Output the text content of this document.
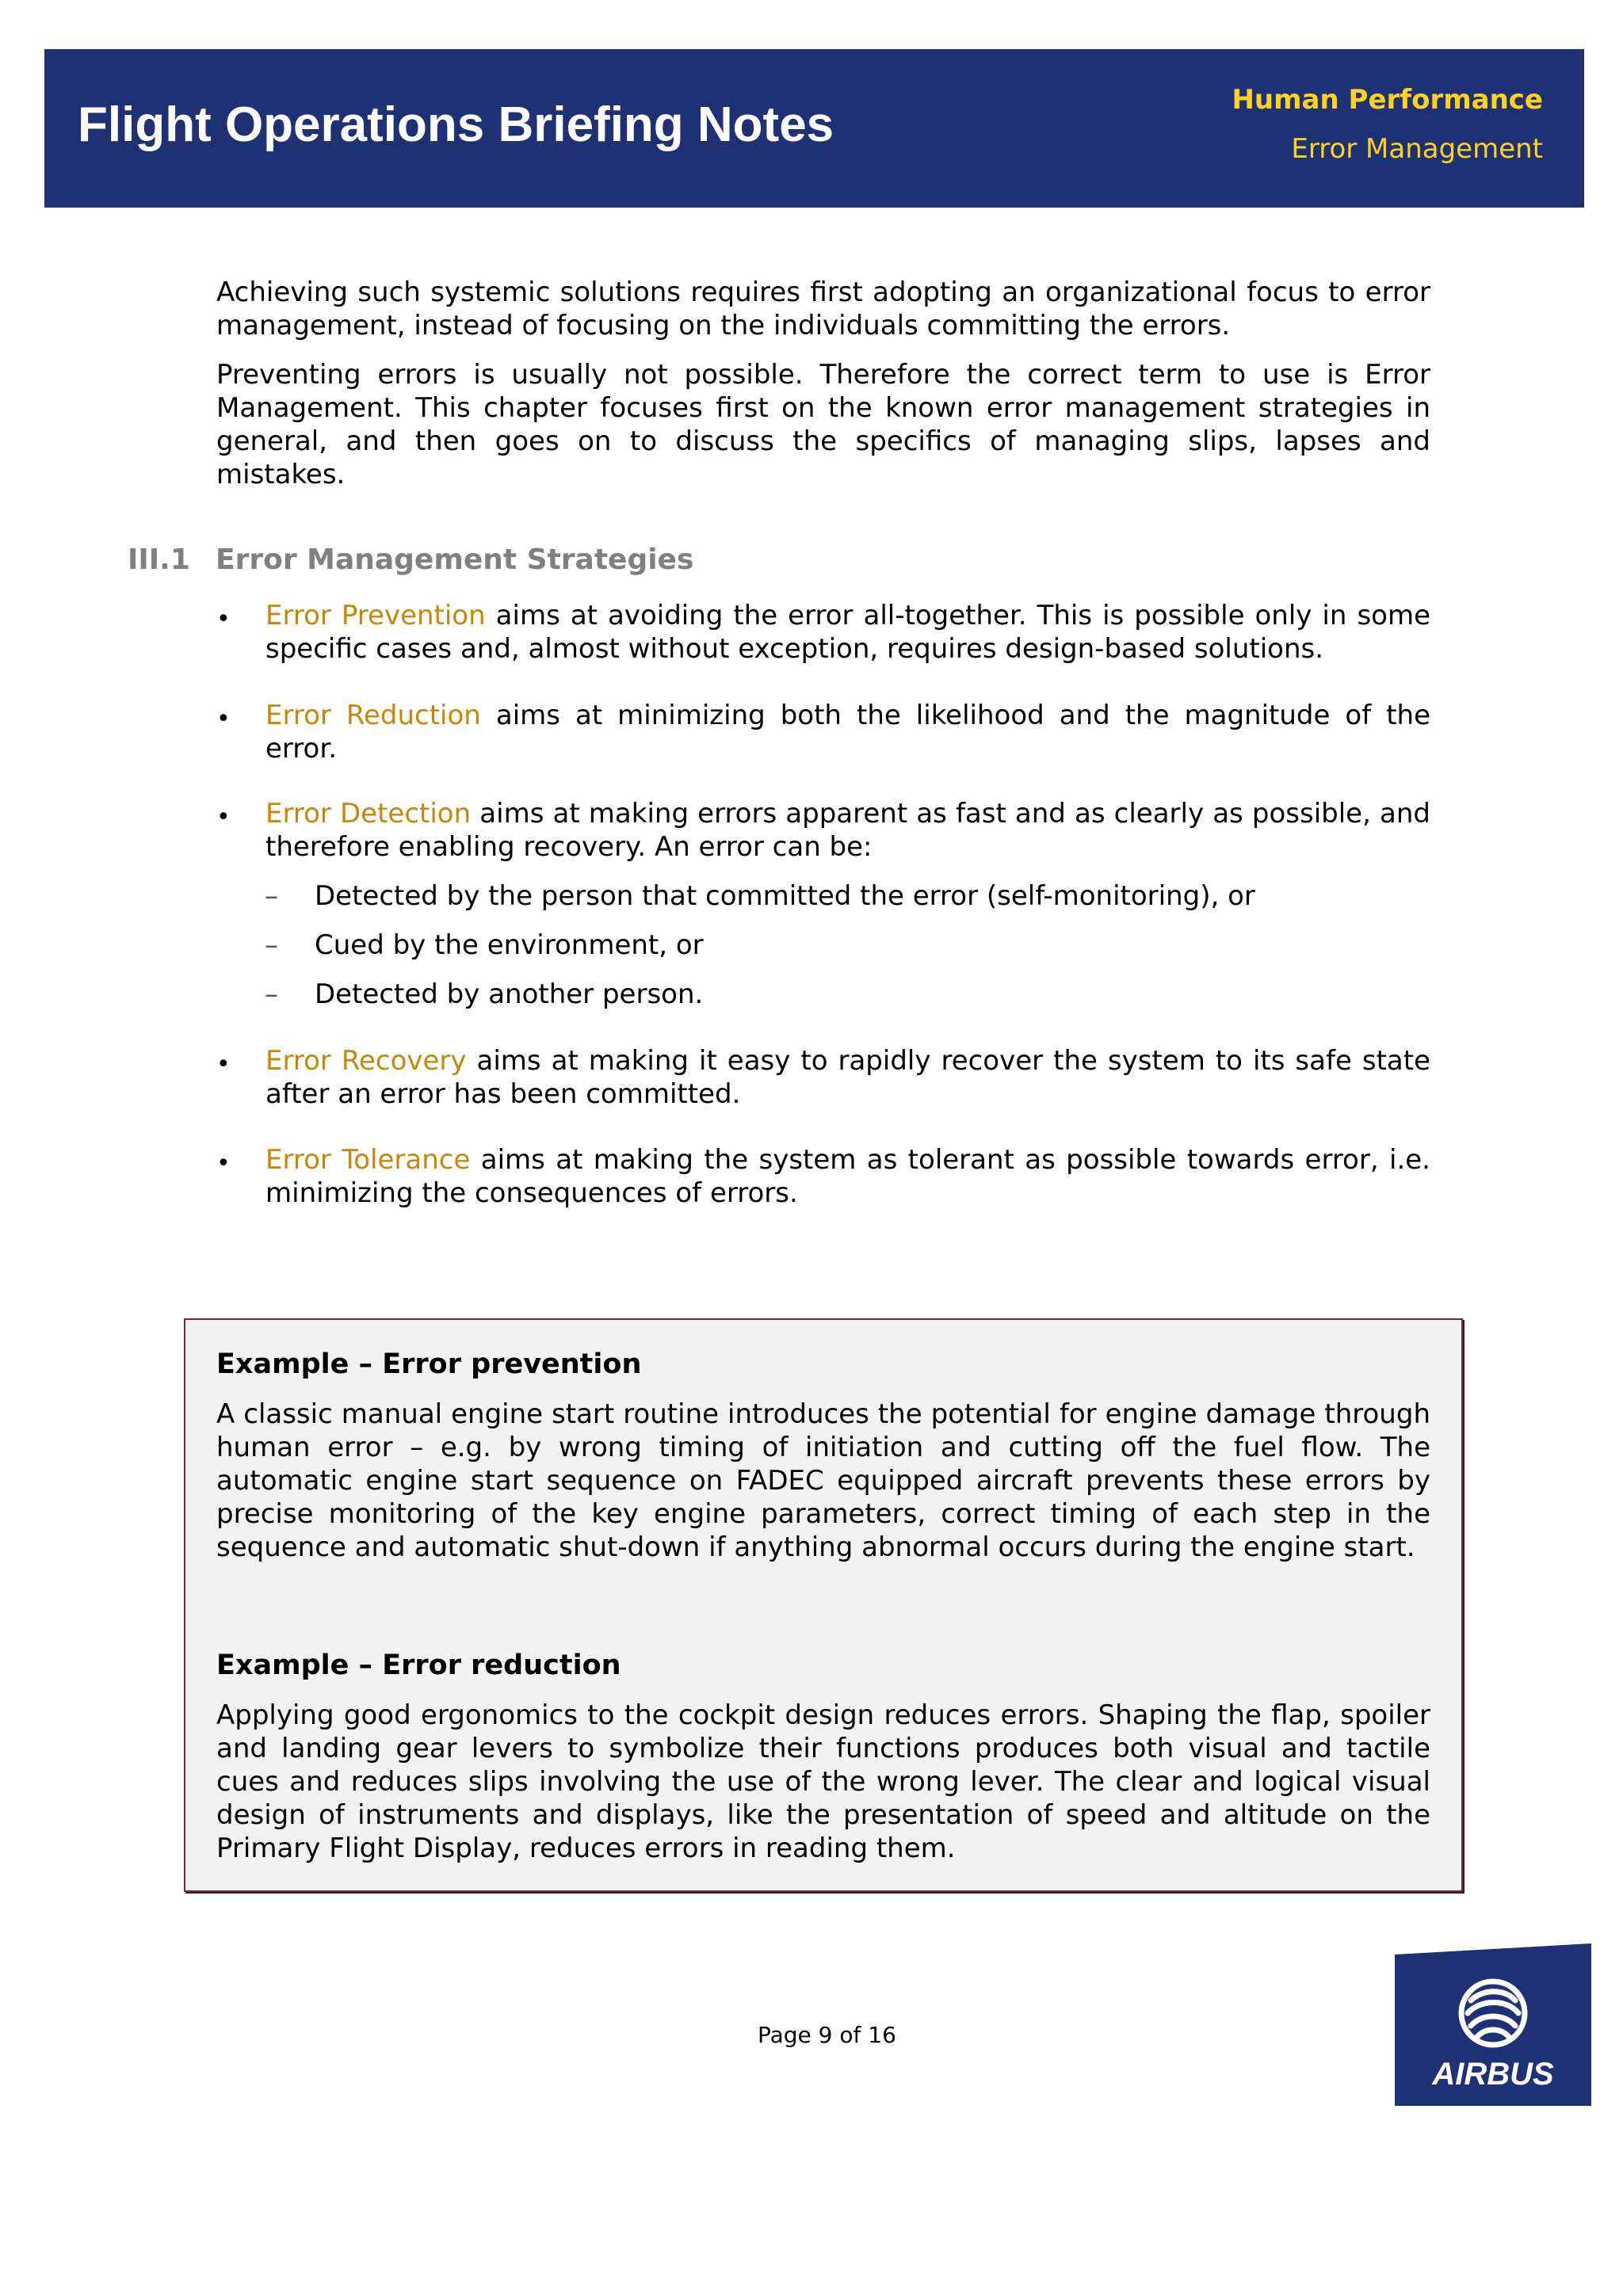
Flight Operations Briefing Notes	Human Performance
Error Management

Achieving such systemic solutions requires first adopting an organizational focus to error management, instead of focusing on the individuals committing the errors.

Preventing errors is usually not possible. Therefore the correct term to use is Error Management. This chapter focuses first on the known error management strategies in general, and then goes on to discuss the specifics of managing slips, lapses and mistakes.

III.1 Error Management Strategies
• Error Prevention aims at avoiding the error all-together. This is possible only in some specific cases and, almost without exception, requires design-based solutions.

• Error Reduction aims at minimizing both the likelihood and the magnitude of the error.

• Error Detection aims at making errors apparent as fast and as clearly as possible, and therefore enabling recovery. An error can be:

– Detected by the person that committed the error (self-monitoring), or
– Cued by the environment, or
– Detected by another person.
• Error Recovery aims at making it easy to rapidly recover the system to its safe state after an error has been committed.

• Error Tolerance aims at making the system as tolerant as possible towards error, i.e. minimizing the consequences of errors.

Example – Error prevention

A classic manual engine start routine introduces the potential for engine damage through human error – e.g. by wrong timing of initiation and cutting off the fuel flow. The automatic engine start sequence on FADEC equipped aircraft prevents these errors by precise monitoring of the key engine parameters, correct timing of each step in the sequence and automatic shut-down if anything abnormal occurs during the engine start.

Example – Error reduction

Applying good ergonomics to the cockpit design reduces errors. Shaping the flap, spoiler and landing gear levers to symbolize their functions produces both visual and tactile cues and reduces slips involving the use of the wrong lever. The clear and logical visual design of instruments and displays, like the presentation of speed and altitude on the Primary Flight Display, reduces errors in reading them.

Page 9 of 16
AIRBUS
